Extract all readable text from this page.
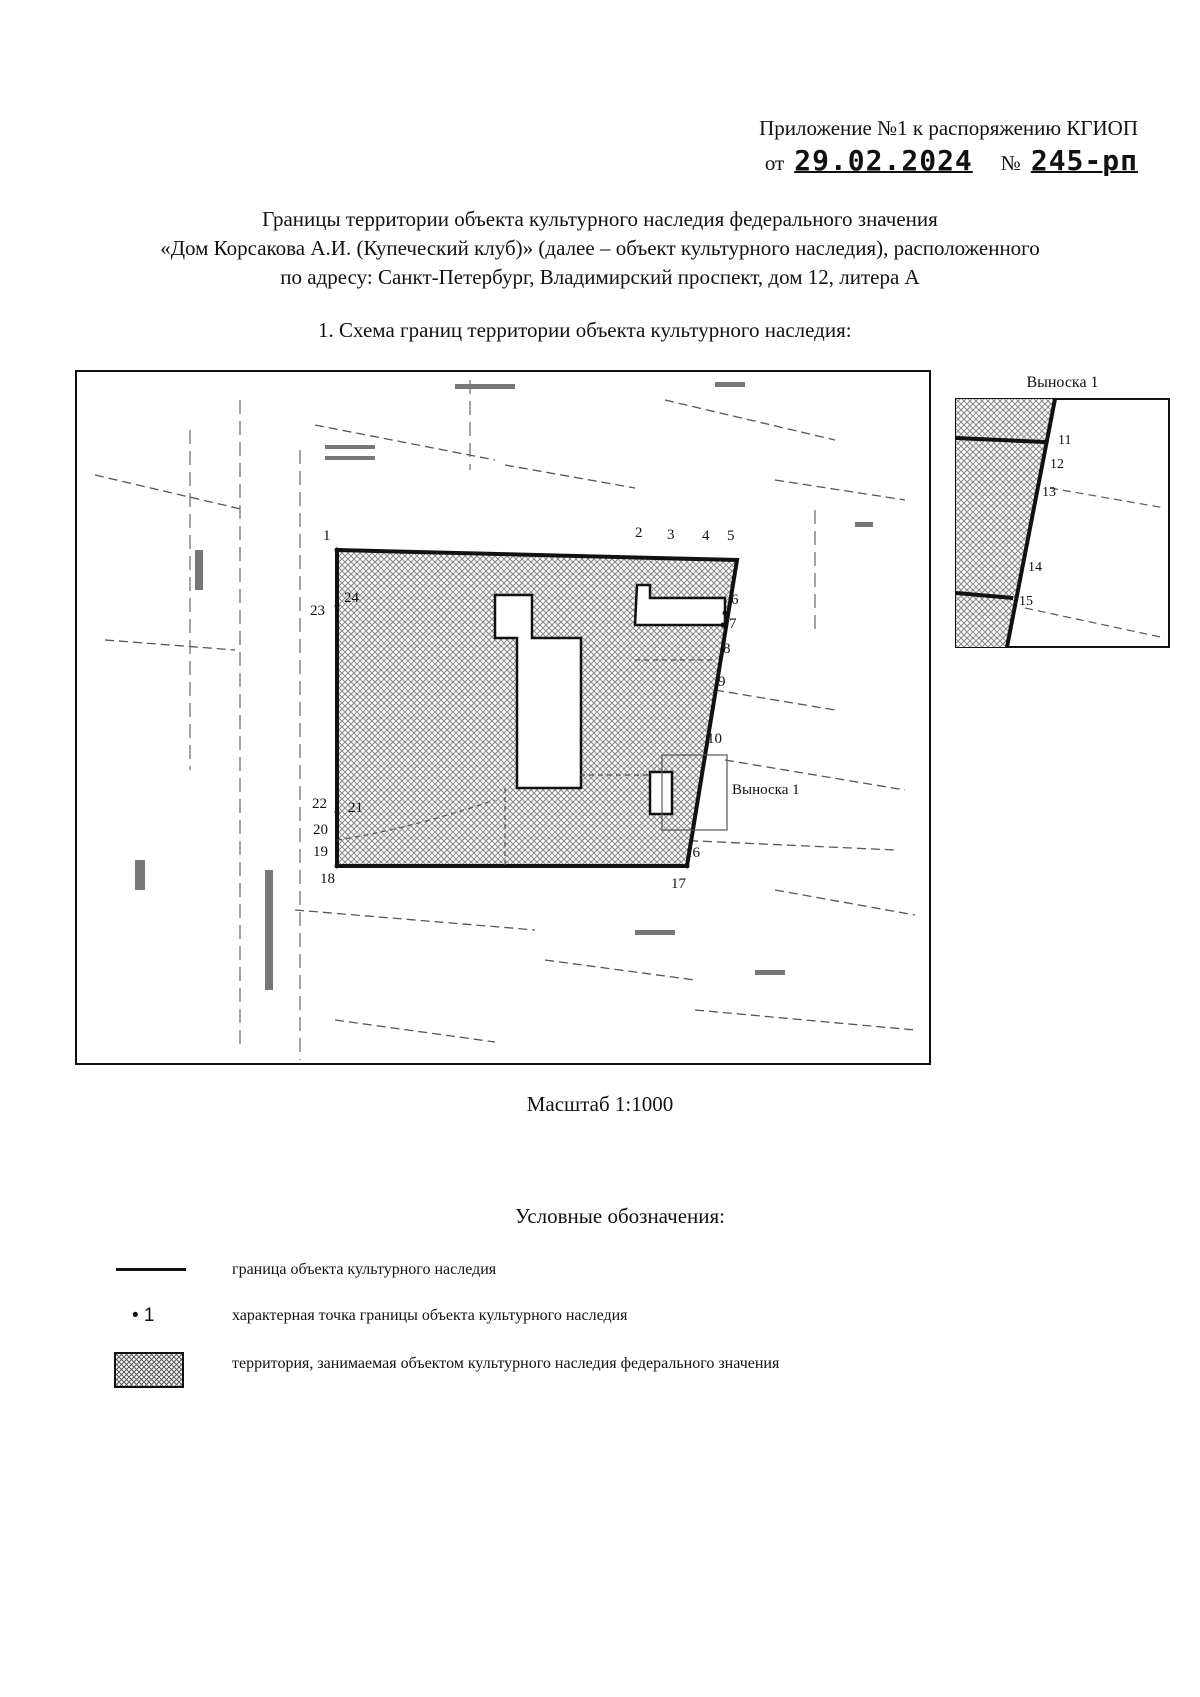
Приложение №1 к распоряжению КГИОП
от 29.02.2024 № 245-рп
Границы территории объекта культурного наследия федерального значения
«Дом Корсакова А.И. (Купеческий клуб)» (далее – объект культурного наследия), расположенного
по адресу: Санкт-Петербург, Владимирский проспект, дом 12, литера А
1. Схема границ территории объекта культурного наследия:
Выноска 1
1	2 3 4 5
6
7
8
9
10
16
17
18
19
20
21
22
23
24
Выноска 1
11
12
13
14
15
Масштаб 1:1000
Условные обозначения:
граница объекта культурного наследия
• 1	характерная точка границы объекта культурного наследия
территория, занимаемая объектом культурного наследия федерального значения
